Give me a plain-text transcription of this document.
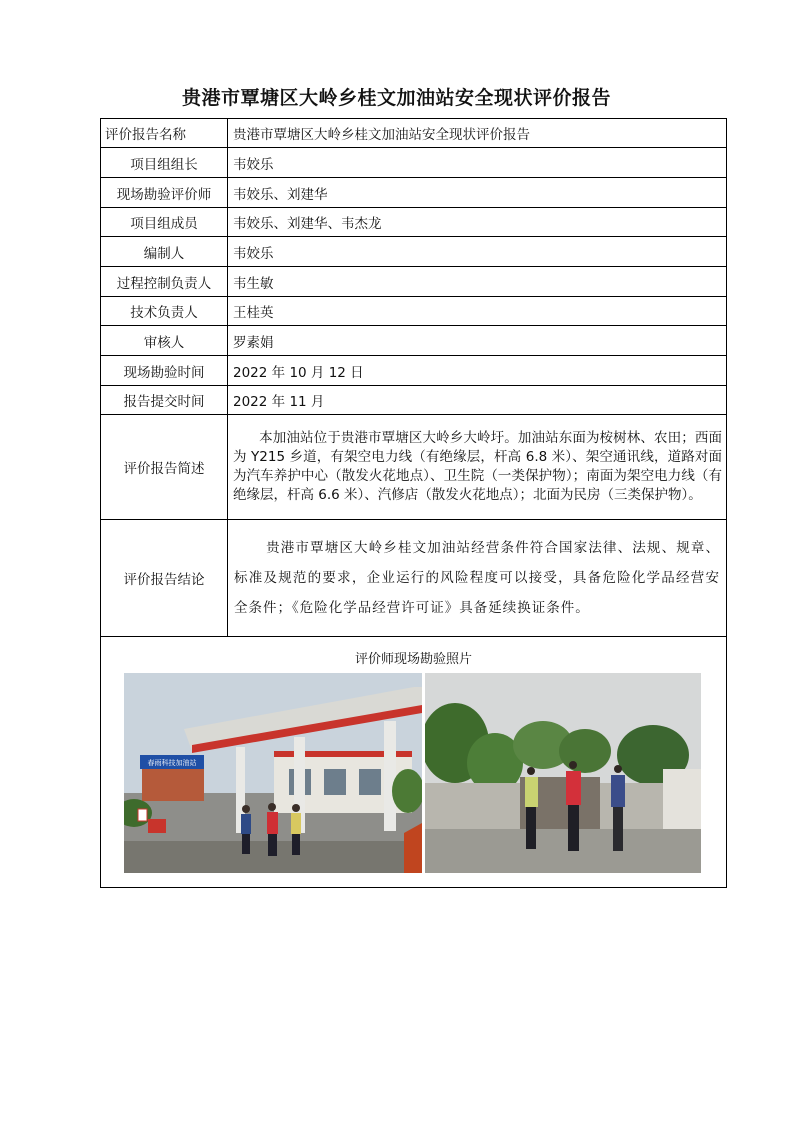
贵港市覃塘区大岭乡桂文加油站安全现状评价报告
评价报告名称	贵港市覃塘区大岭乡桂文加油站安全现状评价报告
项目组组长	韦姣乐
现场勘验评价师	韦姣乐、刘建华
项目组成员	韦姣乐、刘建华、韦杰龙
编制人	韦姣乐
过程控制负责人	韦生敏
技术负责人	王桂英
审核人	罗素娟
现场勘验时间	2022 年 10 月 12 日
报告提交时间	2022 年 11 月
评价报告简述	本加油站位于贵港市覃塘区大岭乡大岭圩。加油站东面为桉树林、农田；西面为 Y215 乡道，有架空电力线（有绝缘层，杆高 6.8 米）、架空通讯线，道路对面为汽车养护中心（散发火花地点）、卫生院（一类保护物）；南面为架空电力线（有绝缘层，杆高 6.6 米）、汽修店（散发火花地点）；北面为民房（三类保护物）。
评价报告结论	贵港市覃塘区大岭乡桂文加油站经营条件符合国家法律、法规、规章、标准及规范的要求，企业运行的风险程度可以接受，具备危险化学品经营安全条件；《危险化学品经营许可证》具备延续换证条件。

评价师现场勘验照片
春雨科技加油站	
